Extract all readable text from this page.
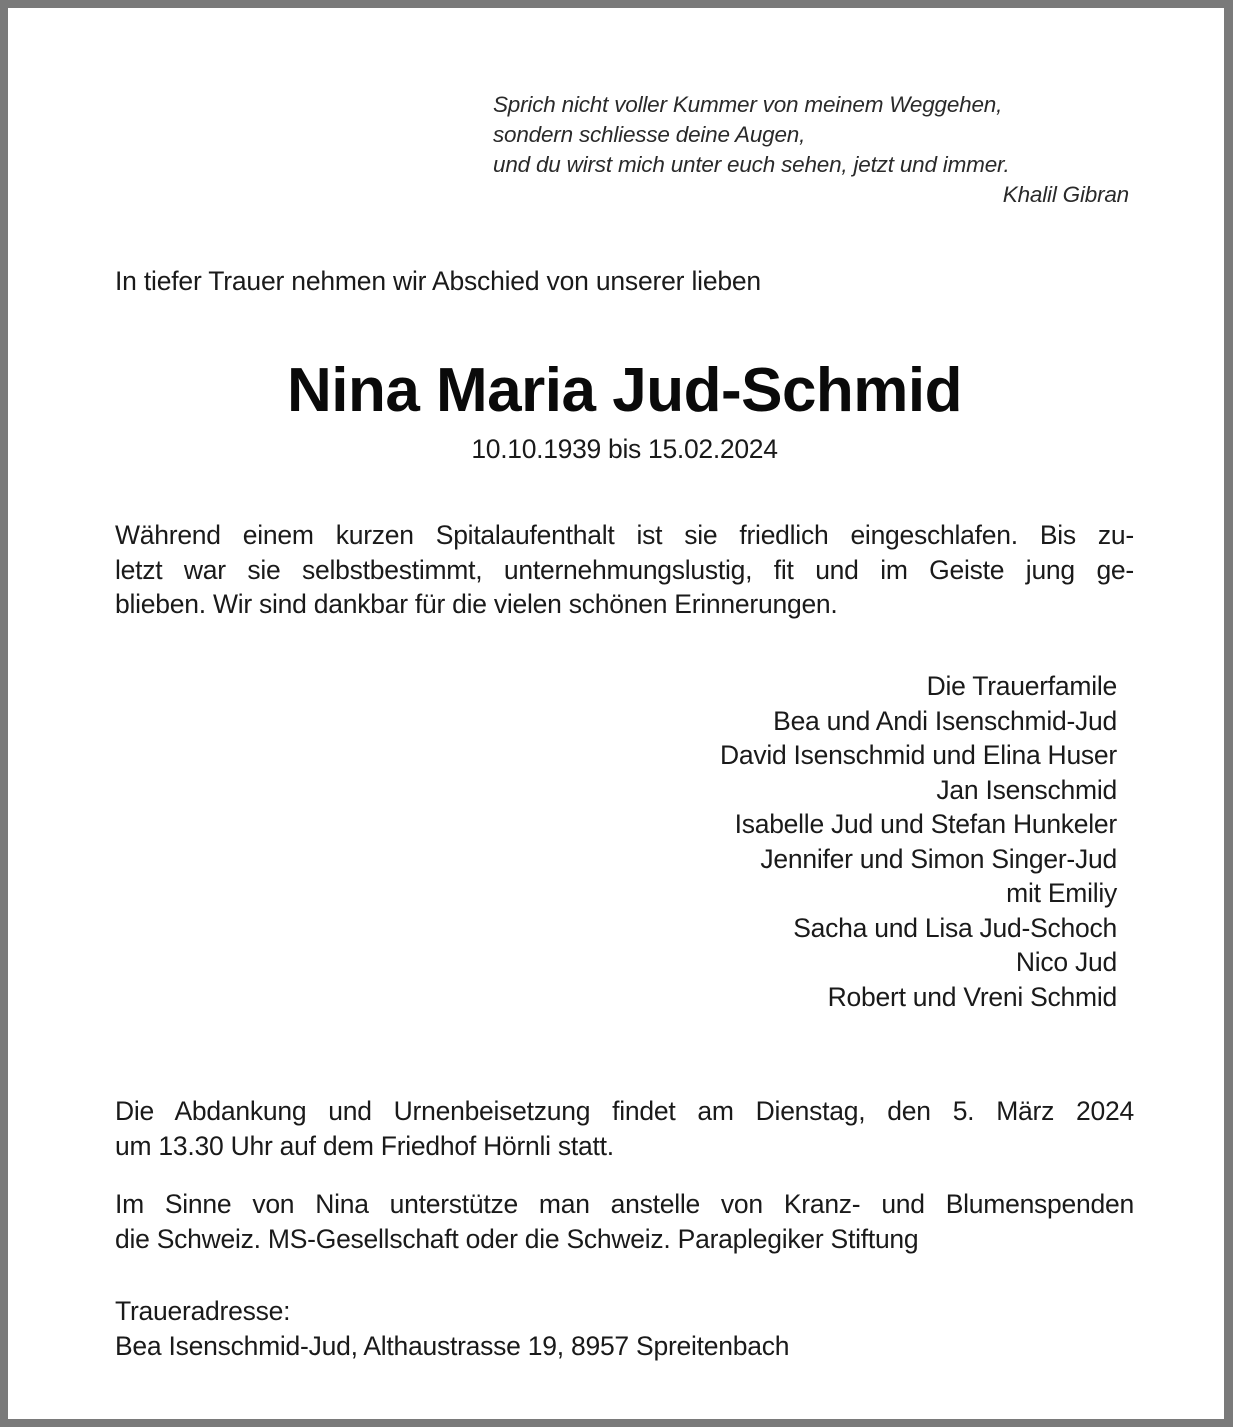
Sprich nicht voller Kummer von meinem Weggehen,
sondern schliesse deine Augen,
und du wirst mich unter euch sehen, jetzt und immer.
Khalil Gibran
In tiefer Trauer nehmen wir Abschied von unserer lieben
Nina Maria Jud-Schmid
10.10.1939 bis 15.02.2024
Während einem kurzen Spitalaufenthalt ist sie friedlich eingeschlafen. Bis zu-
letzt war sie selbstbestimmt, unternehmungslustig, fit und im Geiste jung ge-
blieben. Wir sind dankbar für die vielen schönen Erinnerungen.
Die Trauerfamile
Bea und Andi Isenschmid-Jud
David Isenschmid und Elina Huser
Jan Isenschmid
Isabelle Jud und Stefan Hunkeler
Jennifer und Simon Singer-Jud
mit Emiliy
Sacha und Lisa Jud-Schoch
Nico Jud
Robert und Vreni Schmid
Die Abdankung und Urnenbeisetzung findet am Dienstag, den 5. März 2024
um 13.30 Uhr auf dem Friedhof Hörnli statt.
Im Sinne von Nina unterstütze man anstelle von Kranz- und Blumenspenden
die Schweiz. MS-Gesellschaft oder die Schweiz. Paraplegiker Stiftung
Traueradresse:
Bea Isenschmid-Jud, Althaustrasse 19, 8957 Spreitenbach
